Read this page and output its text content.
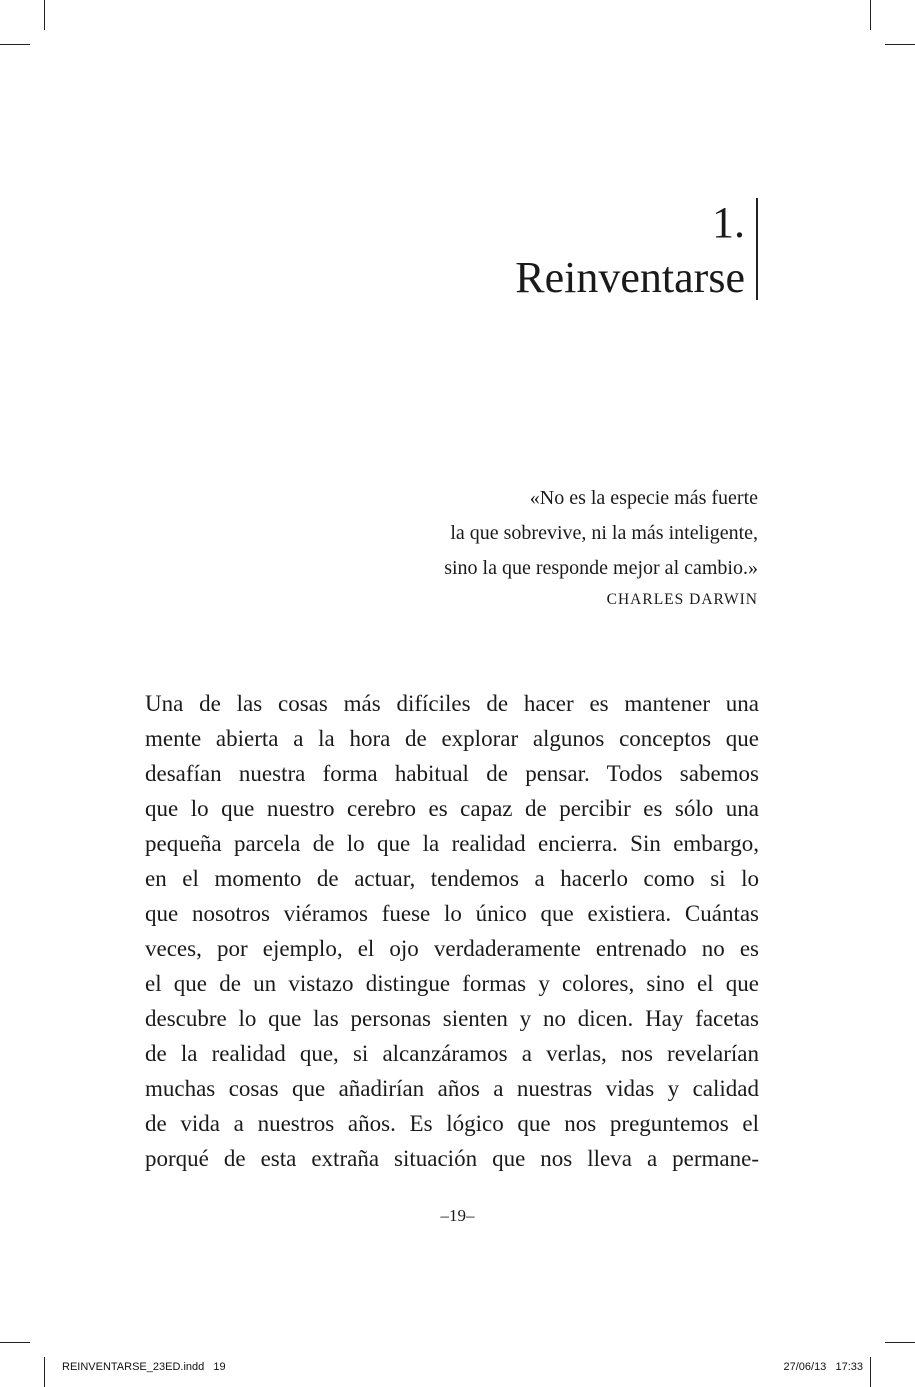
1.
Reinventarse
«No es la especie más fuerte
la que sobrevive, ni la más inteligente,
sino la que responde mejor al cambio.»
CHARLES DARWIN
Una de las cosas más difíciles de hacer es mantener una
mente abierta a la hora de explorar algunos conceptos que
desafían nuestra forma habitual de pensar. Todos sabemos
que lo que nuestro cerebro es capaz de percibir es sólo una
pequeña parcela de lo que la realidad encierra. Sin embargo,
en el momento de actuar, tendemos a hacerlo como si lo
que nosotros viéramos fuese lo único que existiera. Cuántas
veces, por ejemplo, el ojo verdaderamente entrenado no es
el que de un vistazo distingue formas y colores, sino el que
descubre lo que las personas sienten y no dicen. Hay facetas
de la realidad que, si alcanzáramos a verlas, nos revelarían
muchas cosas que añadirían años a nuestras vidas y calidad
de vida a nuestros años. Es lógico que nos preguntemos el
porqué de esta extraña situación que nos lleva a permane-
–19–
REINVENTARSE_23ED.indd   19	27/06/13   17:33
